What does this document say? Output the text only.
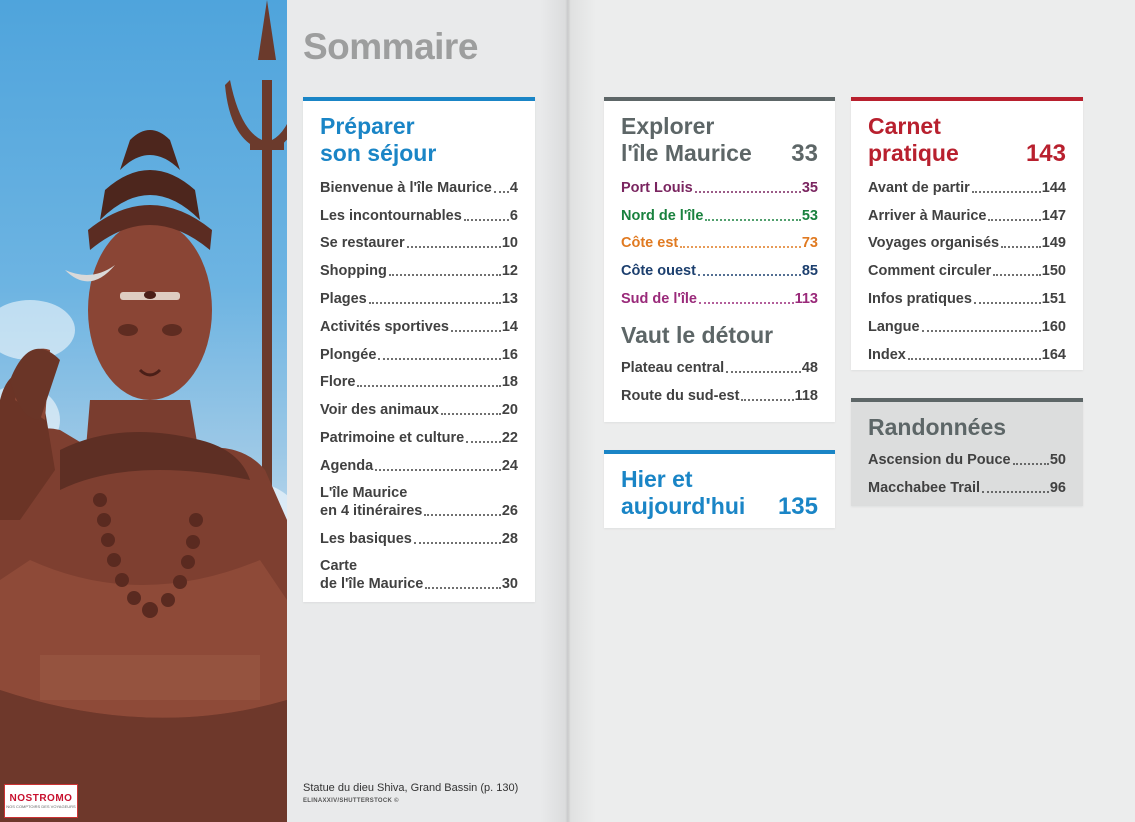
NOSTROMO
NOS COMPTOIRS DES VOYAGEURS
Sommaire
Statue du dieu Shiva, Grand Bassin (p. 130)
ELINAXXIV/SHUTTERSTOCK ©
Préparer
son séjour
Bienvenue à l'île Maurice 4
Les incontournables	6
Se restaurer	10
Shopping	12
Plages	13
Activités sportives	14
Plongée	16
Flore	18
Voir des animaux	20
Patrimoine et culture	22
Agenda	24
L'île Maurice
en 4 itinéraires	26
Les basiques	28
Carte
de l'île Maurice	30
Explorer
l'île Maurice 33
Port Louis	35
Nord de l'île	53
Côte est	73
Côte ouest	85
Sud de l'île	113
Vaut le détour
Plateau central	48
Route du sud-est	118
Hier et
aujourd'hui 135
Carnet
pratique	143
Avant de partir	144
Arriver à Maurice	147
Voyages organisés	149
Comment circuler	150
Infos pratiques	151
Langue	160
Index	164
Randonnées
Ascension du Pouce	50
Macchabee Trail	96
